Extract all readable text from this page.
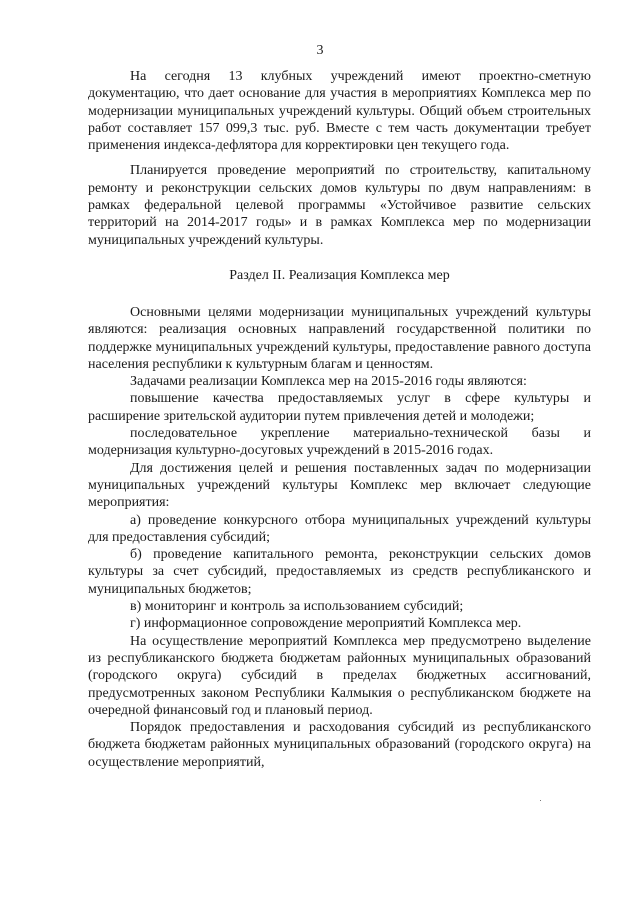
3

На сегодня 13 клубных учреждений имеют проектно-сметную документацию, что дает основание для участия в мероприятиях Комплекса мер по модернизации муниципальных учреждений культуры. Общий объем строительных работ составляет 157 099,3 тыс. руб. Вместе с тем часть документации требует применения индекса-дефлятора для корректировки цен текущего года.

Планируется проведение мероприятий по строительству, капитальному ремонту и реконструкции сельских домов культуры по двум направлениям: в рамках федеральной целевой программы «Устойчивое развитие сельских территорий на 2014-2017 годы» и в рамках Комплекса мер по модернизации муниципальных учреждений культуры.

Раздел II. Реализация Комплекса мер

Основными целями модернизации муниципальных учреждений культуры являются: реализация основных направлений государственной политики по поддержке муниципальных учреждений культуры, предоставление равного доступа населения республики к культурным благам и ценностям.

Задачами реализации Комплекса мер на 2015-2016 годы являются:

повышение качества предоставляемых услуг в сфере культуры и расширение зрительской аудитории путем привлечения детей и молодежи;

последовательное укрепление материально-технической базы и модернизация культурно-досуговых учреждений в 2015-2016 годах.

Для достижения целей и решения поставленных задач по модернизации муниципальных учреждений культуры Комплекс мер включает следующие мероприятия:

а) проведение конкурсного отбора муниципальных учреждений культуры для предоставления субсидий;

б) проведение капитального ремонта, реконструкции сельских домов культуры за счет субсидий, предоставляемых из средств республиканского и муниципальных бюджетов;

в) мониторинг и контроль за использованием субсидий;

г) информационное сопровождение мероприятий Комплекса мер.

На осуществление мероприятий Комплекса мер предусмотрено выделение из республиканского бюджета бюджетам районных муниципальных образований (городского округа) субсидий в пределах бюджетных ассигнований, предусмотренных законом Республики Калмыкия о республиканском бюджете на очередной финансовый год и плановый период.

Порядок предоставления и расходования субсидий из республиканского бюджета бюджетам районных муниципальных образований (городского округа) на осуществление мероприятий,
